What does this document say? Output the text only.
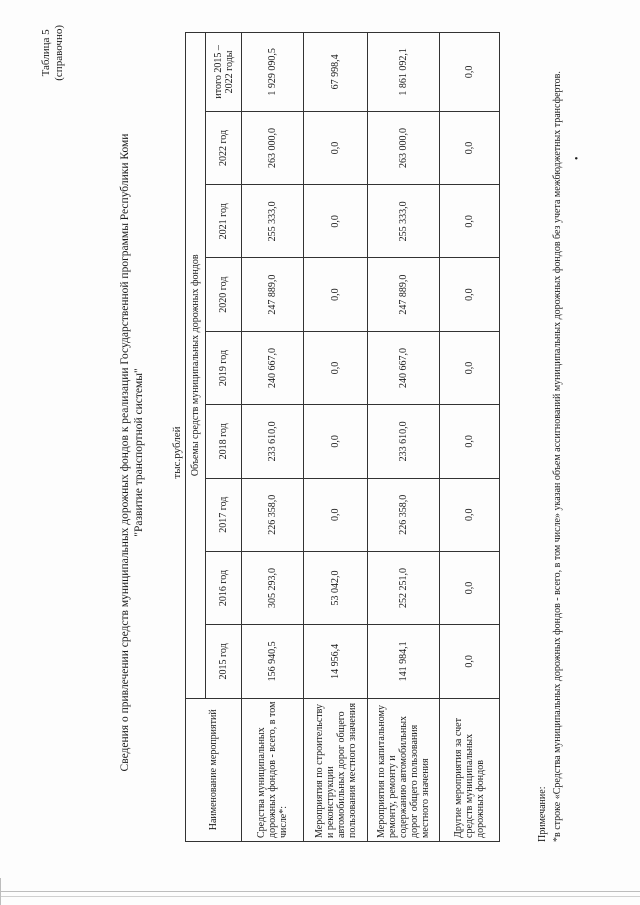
Таблица 5 (справочно)
Сведения о привлечении средств муниципальных дорожных фондов к реализации Государственной программы Республики Коми "Развитие транспортной системы" тыс.рублей
Наименование мероприятий	Объемы средств муниципальных дорожных фондов								
	2015 год	2016 год	2017 год	2018 год	2019 год	2020 год	2021 год	2022 год	итого 2015 – 2022 годы
Средства муниципальных дорожных фондов - всего, в том числе*:	156 940,5	305 293,0	226 358,0	233 610,0	240 667,0	247 889,0	255 333,0	263 000,0	1 929 090,5
Мероприятия по строительству и реконструкции автомобильных дорог общего пользования местного значения	14 956,4	53 042,0	0,0	0,0	0,0	0,0	0,0	0,0	67 998,4
Мероприятия по капитальному ремонту, ремонту и содержанию автомобильных дорог общего пользования местного значения	141 984,1	252 251,0	226 358,0	233 610,0	240 667,0	247 889,0	255 333,0	263 000,0	1 861 092,1
Другие мероприятия за счет средств муниципальных дорожных фондов	0,0	0,0	0,0	0,0	0,0	0,0	0,0	0,0	0,0
Примечание: *в строке «Средства муниципальных дорожных фондов - всего, в том числе» указан объем ассигнований муниципальных дорожных фондов без учета межбюджетных трансфертов. •
